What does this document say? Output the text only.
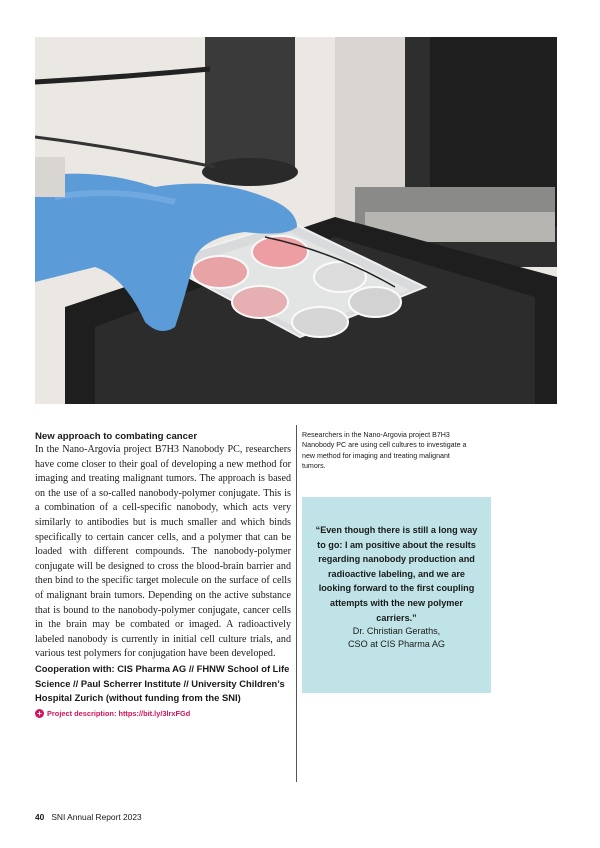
New approach to combating cancer

In the Nano-Argovia project B7H3 Nanobody PC, researchers have come closer to their goal of developing a new method for imaging and treating malignant tumors. The approach is based on the use of a so-called nanobody-polymer conjugate. This is a combination of a cell-specific nanobody, which acts very similarly to antibodies but is much smaller and which binds specifically to certain cancer cells, and a polymer that can be loaded with different compounds. The nanobody-polymer conjugate will be designed to cross the blood-brain barrier and then bind to the specific target molecule on the surface of cells of malignant brain tumors. Depending on the active substance that is bound to the nanobody-polymer conjugate, cancer cells in the brain may be combated or imaged. A radioactively labeled nanobody is currently in initial cell culture trials, and various test polymers for conjugation have been developed.

Cooperation with: CIS Pharma AG // FHNW School of Life Science // Paul Scherrer Institute // University Children’s Hospital Zurich (without funding from the SNI)

+ Project description: https://bit.ly/3lrxFGd

Researchers in the Nano-Argovia project B7H3 Nanobody PC are using cell cultures to investigate a new method for imaging and treating malignant tumors.

“Even though there is still a long way to go: I am positive about the results regarding nanobody production and radioactive labeling, and we are looking forward to the first coupling attempts with the new polymer carriers.”

Dr. Christian Geraths,

CSO at CIS Pharma AG

40 SNI Annual Report 2023
